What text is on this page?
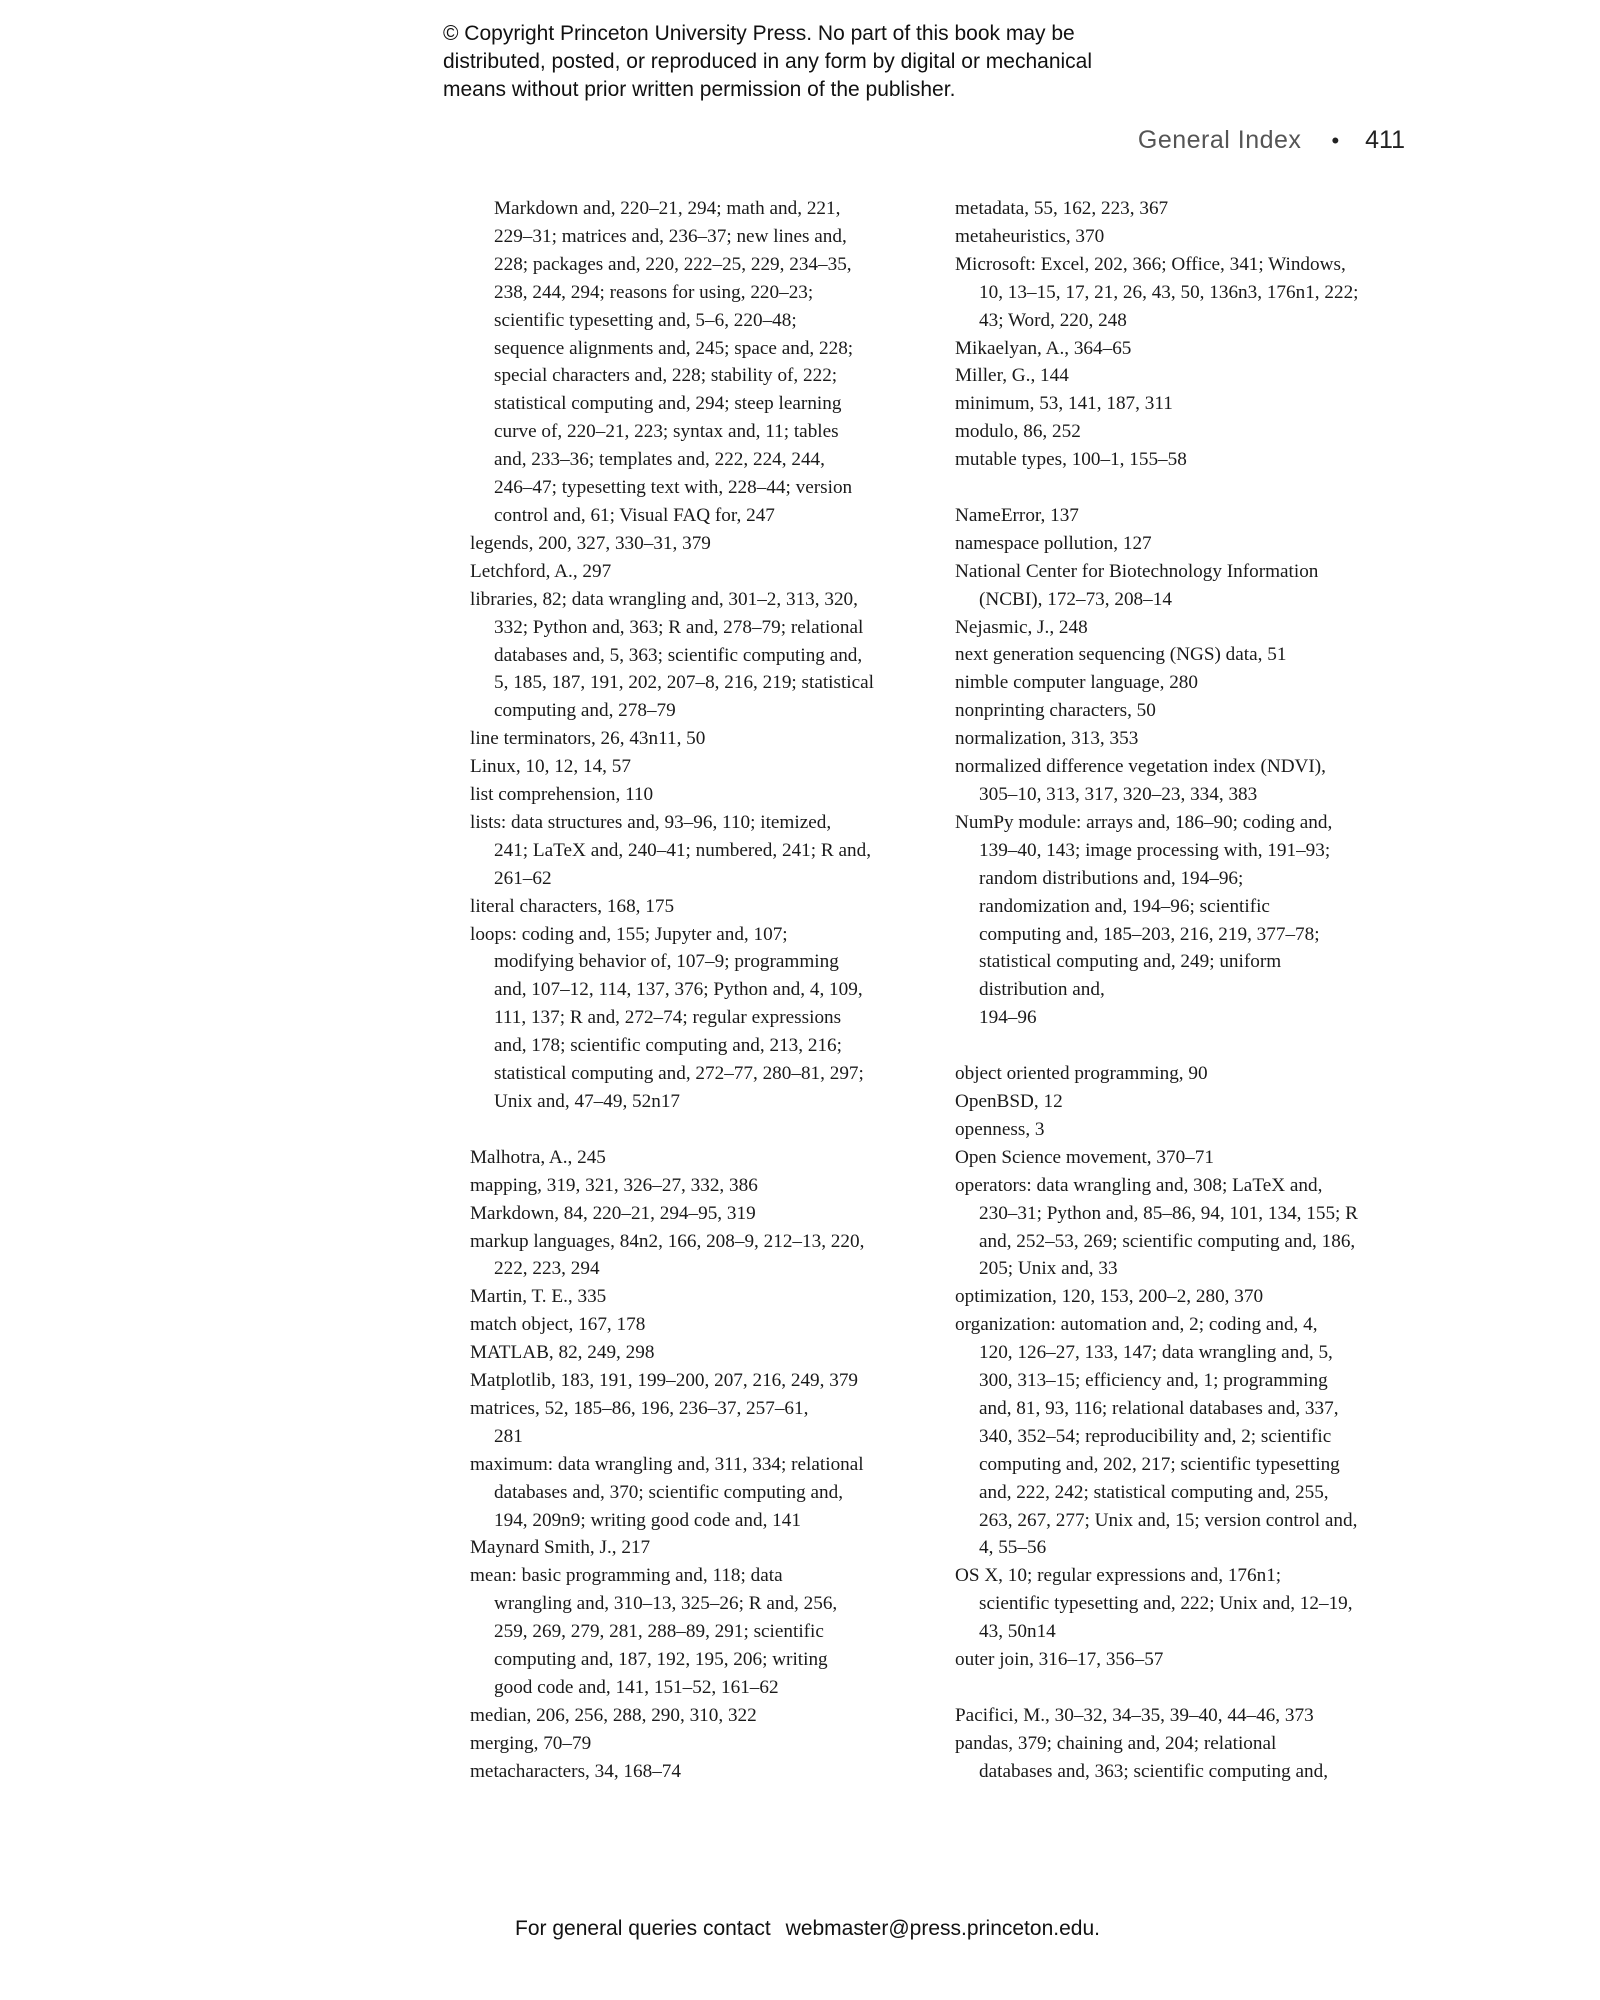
© Copyright Princeton University Press. No part of this book may be
distributed, posted, or reproduced in any form by digital or mechanical
means without prior written permission of the publisher.
General Index • 411
Markdown and, 220–21, 294; math and, 221,
229–31; matrices and, 236–37; new lines and,
228; packages and, 220, 222–25, 229, 234–35,
238, 244, 294; reasons for using, 220–23;
scientific typesetting and, 5–6, 220–48;
sequence alignments and, 245; space and, 228;
special characters and, 228; stability of, 222;
statistical computing and, 294; steep learning
curve of, 220–21, 223; syntax and, 11; tables
and, 233–36; templates and, 222, 224, 244,
246–47; typesetting text with, 228–44; version
control and, 61; Visual FAQ for, 247
legends, 200, 327, 330–31, 379
Letchford, A., 297
libraries, 82; data wrangling and, 301–2, 313, 320,
332; Python and, 363; R and, 278–79; relational
databases and, 5, 363; scientific computing and,
5, 185, 187, 191, 202, 207–8, 216, 219; statistical
computing and, 278–79
line terminators, 26, 43n11, 50
Linux, 10, 12, 14, 57
list comprehension, 110
lists: data structures and, 93–96, 110; itemized,
241; LaTeX and, 240–41; numbered, 241; R and,
261–62
literal characters, 168, 175
loops: coding and, 155; Jupyter and, 107;
modifying behavior of, 107–9; programming
and, 107–12, 114, 137, 376; Python and, 4, 109,
111, 137; R and, 272–74; regular expressions
and, 178; scientific computing and, 213, 216;
statistical computing and, 272–77, 280–81, 297;
Unix and, 47–49, 52n17
Malhotra, A., 245
mapping, 319, 321, 326–27, 332, 386
Markdown, 84, 220–21, 294–95, 319
markup languages, 84n2, 166, 208–9, 212–13, 220,
222, 223, 294
Martin, T. E., 335
match object, 167, 178
MATLAB, 82, 249, 298
Matplotlib, 183, 191, 199–200, 207, 216, 249, 379
matrices, 52, 185–86, 196, 236–37, 257–61,
281
maximum: data wrangling and, 311, 334; relational
databases and, 370; scientific computing and,
194, 209n9; writing good code and, 141
Maynard Smith, J., 217
mean: basic programming and, 118; data
wrangling and, 310–13, 325–26; R and, 256,
259, 269, 279, 281, 288–89, 291; scientific
computing and, 187, 192, 195, 206; writing
good code and, 141, 151–52, 161–62
median, 206, 256, 288, 290, 310, 322
merging, 70–79
metacharacters, 34, 168–74
metadata, 55, 162, 223, 367
metaheuristics, 370
Microsoft: Excel, 202, 366; Office, 341; Windows,
10, 13–15, 17, 21, 26, 43, 50, 136n3, 176n1, 222;
43; Word, 220, 248
Mikaelyan, A., 364–65
Miller, G., 144
minimum, 53, 141, 187, 311
modulo, 86, 252
mutable types, 100–1, 155–58
NameError, 137
namespace pollution, 127
National Center for Biotechnology Information
(NCBI), 172–73, 208–14
Nejasmic, J., 248
next generation sequencing (NGS) data, 51
nimble computer language, 280
nonprinting characters, 50
normalization, 313, 353
normalized difference vegetation index (NDVI),
305–10, 313, 317, 320–23, 334, 383
NumPy module: arrays and, 186–90; coding and,
139–40, 143; image processing with, 191–93;
random distributions and, 194–96;
randomization and, 194–96; scientific
computing and, 185–203, 216, 219, 377–78;
statistical computing and, 249; uniform
distribution and,
194–96
object oriented programming, 90
OpenBSD, 12
openness, 3
Open Science movement, 370–71
operators: data wrangling and, 308; LaTeX and,
230–31; Python and, 85–86, 94, 101, 134, 155; R
and, 252–53, 269; scientific computing and, 186,
205; Unix and, 33
optimization, 120, 153, 200–2, 280, 370
organization: automation and, 2; coding and, 4,
120, 126–27, 133, 147; data wrangling and, 5,
300, 313–15; efficiency and, 1; programming
and, 81, 93, 116; relational databases and, 337,
340, 352–54; reproducibility and, 2; scientific
computing and, 202, 217; scientific typesetting
and, 222, 242; statistical computing and, 255,
263, 267, 277; Unix and, 15; version control and,
4, 55–56
OS X, 10; regular expressions and, 176n1;
scientific typesetting and, 222; Unix and, 12–19,
43, 50n14
outer join, 316–17, 356–57
Pacifici, M., 30–32, 34–35, 39–40, 44–46, 373
pandas, 379; chaining and, 204; relational
databases and, 363; scientific computing and,
For general queries contact webmaster@press.princeton.edu.
